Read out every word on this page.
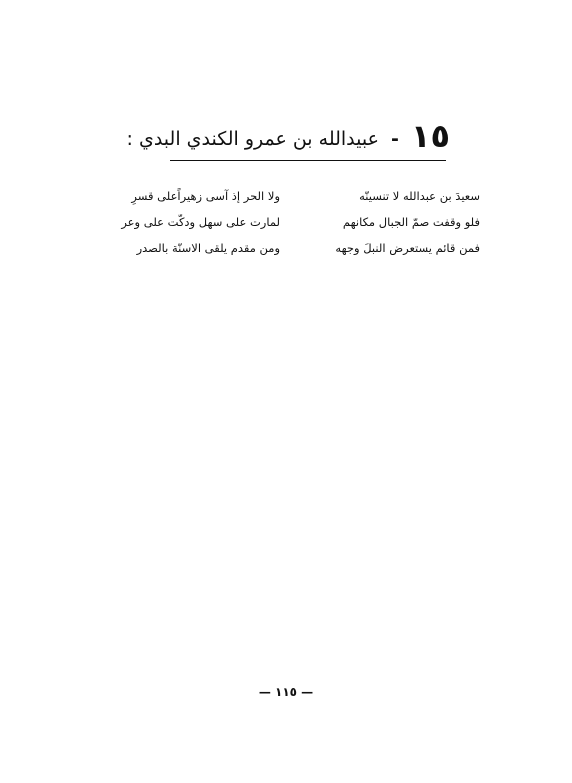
١٥ - عبيدالله بن عمرو الكندي البدي :
سعيدَ بن عبدالله لا تنسينّه
ولا الحر إذ آسى زهيراًعلى قسرِ
فلو وقفت صمّ الجبال مكانهم
لمارت على سهل ودكّت على وعر
فمن قائم يستعرض النبلَ وجهه
ومن مقدم يلقى الاسنّة بالصدر
— ١١٥ —
